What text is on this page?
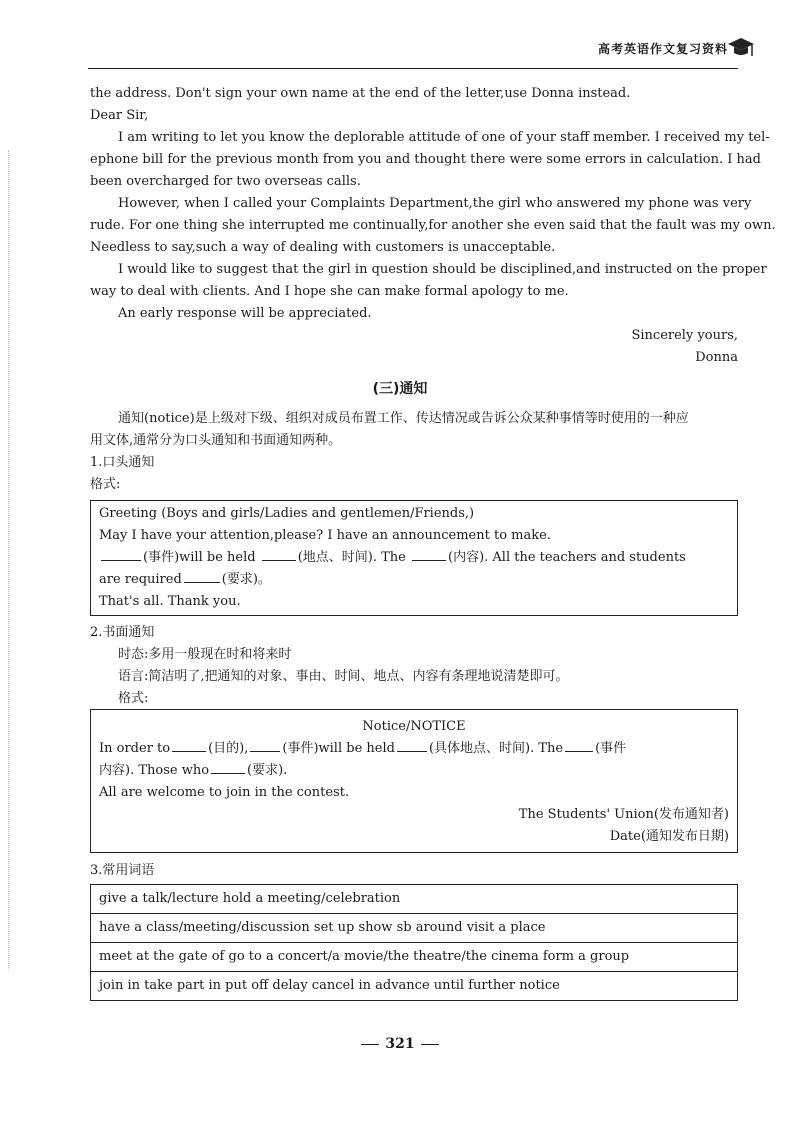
高考英语作文复习资料
the address. Don't sign your own name at the end of the letter,use Donna instead.
Dear Sir,
I am writing to let you know the deplorable attitude of one of your staff member. I received my tel-
ephone bill for the previous month from you and thought there were some errors in calculation. I had
been overcharged for two overseas calls.
However, when I called your Complaints Department,the girl who answered my phone was very
rude. For one thing she interrupted me continually,for another she even said that the fault was my own.
Needless to say,such a way of dealing with customers is unacceptable.
I would like to suggest that the girl in question should be disciplined,and instructed on the proper
way to deal with clients. And I hope she can make formal apology to me.
An early response will be appreciated.
Sincerely yours,
Donna
(三)通知
通知(notice)是上级对下级、组织对成员布置工作、传达情况或告诉公众某种事情等时使用的一种应
用文体,通常分为口头通知和书面通知两种。
1.口头通知
格式:
Greeting (Boys and girls/Ladies and gentlemen/Friends,)
May I have your attention,please? I have an announcement to make.
(事件)will be held	(地点、时间). The	(内容). All the teachers and students
are required	(要求)。
That's all. Thank you.
2.书面通知
时态:多用一般现在时和将来时
语言:简洁明了,把通知的对象、事由、时间、地点、内容有条理地说清楚即可。
格式:
Notice/NOTICE
In order to	(目的),	(事件)will be held	(具体地点、时间). The (事件
内容). Those who	(要求).
All are welcome to join in the contest.
The Students' Union(发布通知者)
Date(通知发布日期)
3.常用词语
give a talk/lecture hold a meeting/celebration
have a class/meeting/discussion set up show sb around visit a place
meet at the gate of go to a concert/a movie/the theatre/the cinema form a group
join in take part in put off delay cancel in advance until further notice
321
